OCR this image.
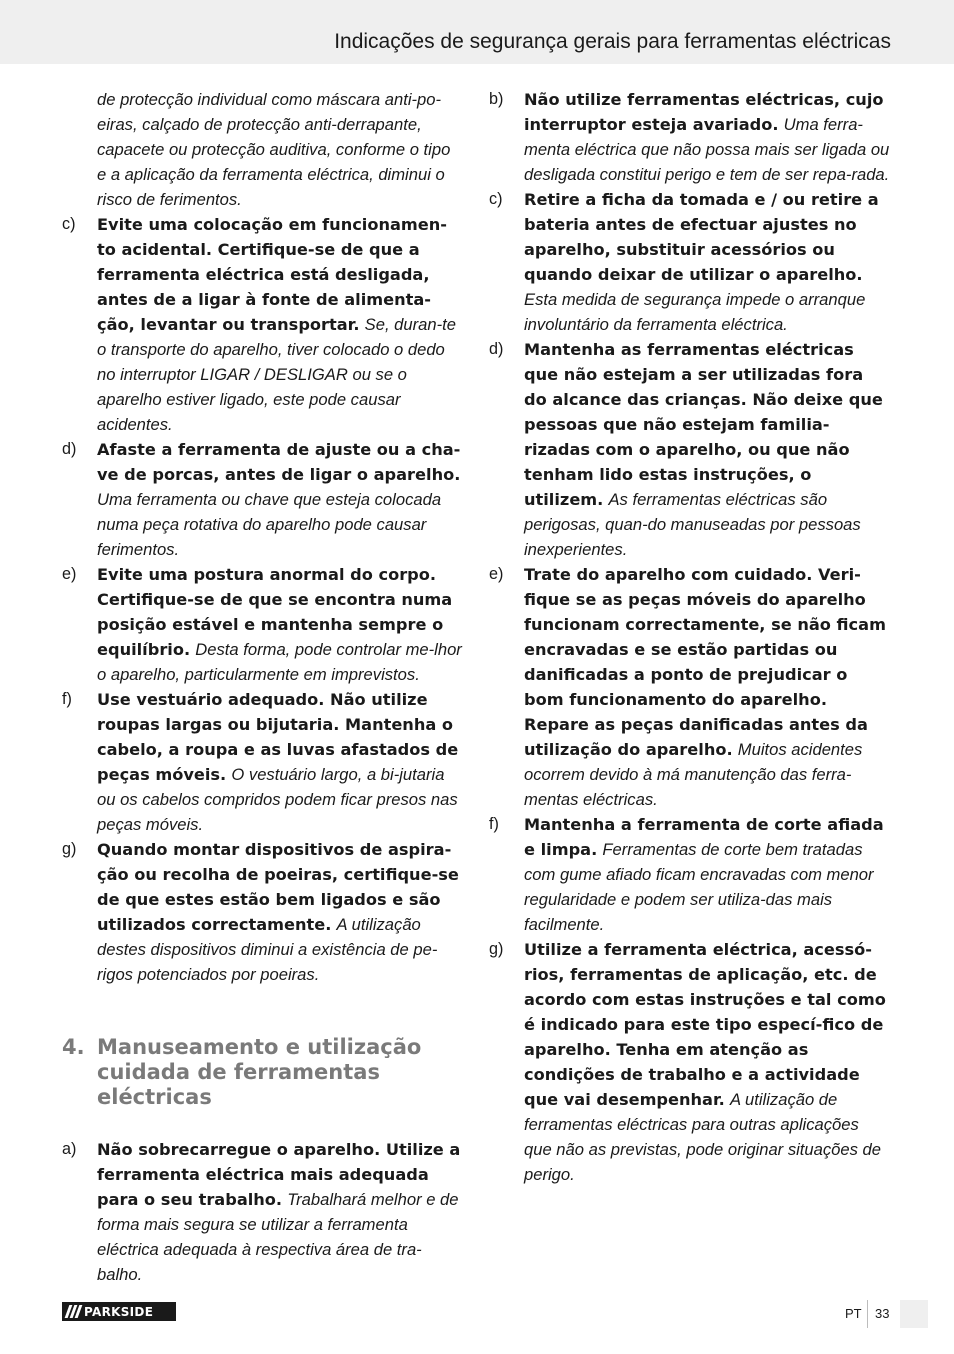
Indicações de segurança gerais para ferramentas eléctricas
de protecção individual como máscara anti-po-eiras, calçado de protecção anti-derrapante, capacete ou protecção auditiva, conforme o tipo e a aplicação da ferramenta eléctrica, diminui o risco de ferimentos.
c) Evite uma colocação em funcionamen-to acidental. Certifique-se de que a ferramenta eléctrica está desligada, antes de a ligar à fonte de alimenta-ção, levantar ou transportar. Se, duran-te o transporte do aparelho, tiver colocado o dedo no interruptor LIGAR / DESLIGAR ou se o aparelho estiver ligado, este pode causar acidentes.
d) Afaste a ferramenta de ajuste ou a cha-ve de porcas, antes de ligar o aparelho. Uma ferramenta ou chave que esteja colocada numa peça rotativa do aparelho pode causar ferimentos.
e) Evite uma postura anormal do corpo. Certifique-se de que se encontra numa posição estável e mantenha sempre o equilíbrio. Desta forma, pode controlar me-lhor o aparelho, particularmente em imprevistos.
f) Use vestuário adequado. Não utilize roupas largas ou bijutaria. Mantenha o cabelo, a roupa e as luvas afastados de peças móveis. O vestuário largo, a bi-jutaria ou os cabelos compridos podem ficar presos nas peças móveis.
g) Quando montar dispositivos de aspira-ção ou recolha de poeiras, certifique-se de que estes estão bem ligados e são utilizados correctamente. A utilização destes dispositivos diminui a existência de pe-rigos potenciados por poeiras.
4. Manuseamento e utilização cuidada de ferramentas eléctricas
a) Não sobrecarregue o aparelho. Utilize a ferramenta eléctrica mais adequada para o seu trabalho. Trabalhará melhor e de forma mais segura se utilizar a ferramenta eléctrica adequada à respectiva área de tra-balho.
b) Não utilize ferramentas eléctricas, cujo interruptor esteja avariado. Uma ferra-menta eléctrica que não possa mais ser ligada ou desligada constitui perigo e tem de ser repa-rada.
c) Retire a ficha da tomada e / ou retire a bateria antes de efectuar ajustes no aparelho, substituir acessórios ou quando deixar de utilizar o aparelho. Esta medida de segurança impede o arranque involuntário da ferramenta eléctrica.
d) Mantenha as ferramentas eléctricas que não estejam a ser utilizadas fora do alcance das crianças. Não deixe que pessoas que não estejam familia-rizadas com o aparelho, ou que não tenham lido estas instruções, o utilizem. As ferramentas eléctricas são perigosas, quan-do manuseadas por pessoas inexperientes.
e) Trate do aparelho com cuidado. Veri-fique se as peças móveis do aparelho funcionam correctamente, se não ficam encravadas e se estão partidas ou danificadas a ponto de prejudicar o bom funcionamento do aparelho. Repare as peças danificadas antes da utilização do aparelho. Muitos acidentes ocorrem devido à má manutenção das ferra-mentas eléctricas.
f) Mantenha a ferramenta de corte afiada e limpa. Ferramentas de corte bem tratadas com gume afiado ficam encravadas com menor regularidade e podem ser utiliza-das mais facilmente.
g) Utilize a ferramenta eléctrica, acessó-rios, ferramentas de aplicação, etc. de acordo com estas instruções e tal como é indicado para este tipo especí-fico de aparelho. Tenha em atenção as condições de trabalho e a actividade que vai desempenhar. A utilização de ferramentas eléctricas para outras aplicações que não as previstas, pode originar situações de perigo.
PARKSIDE	PT 33
